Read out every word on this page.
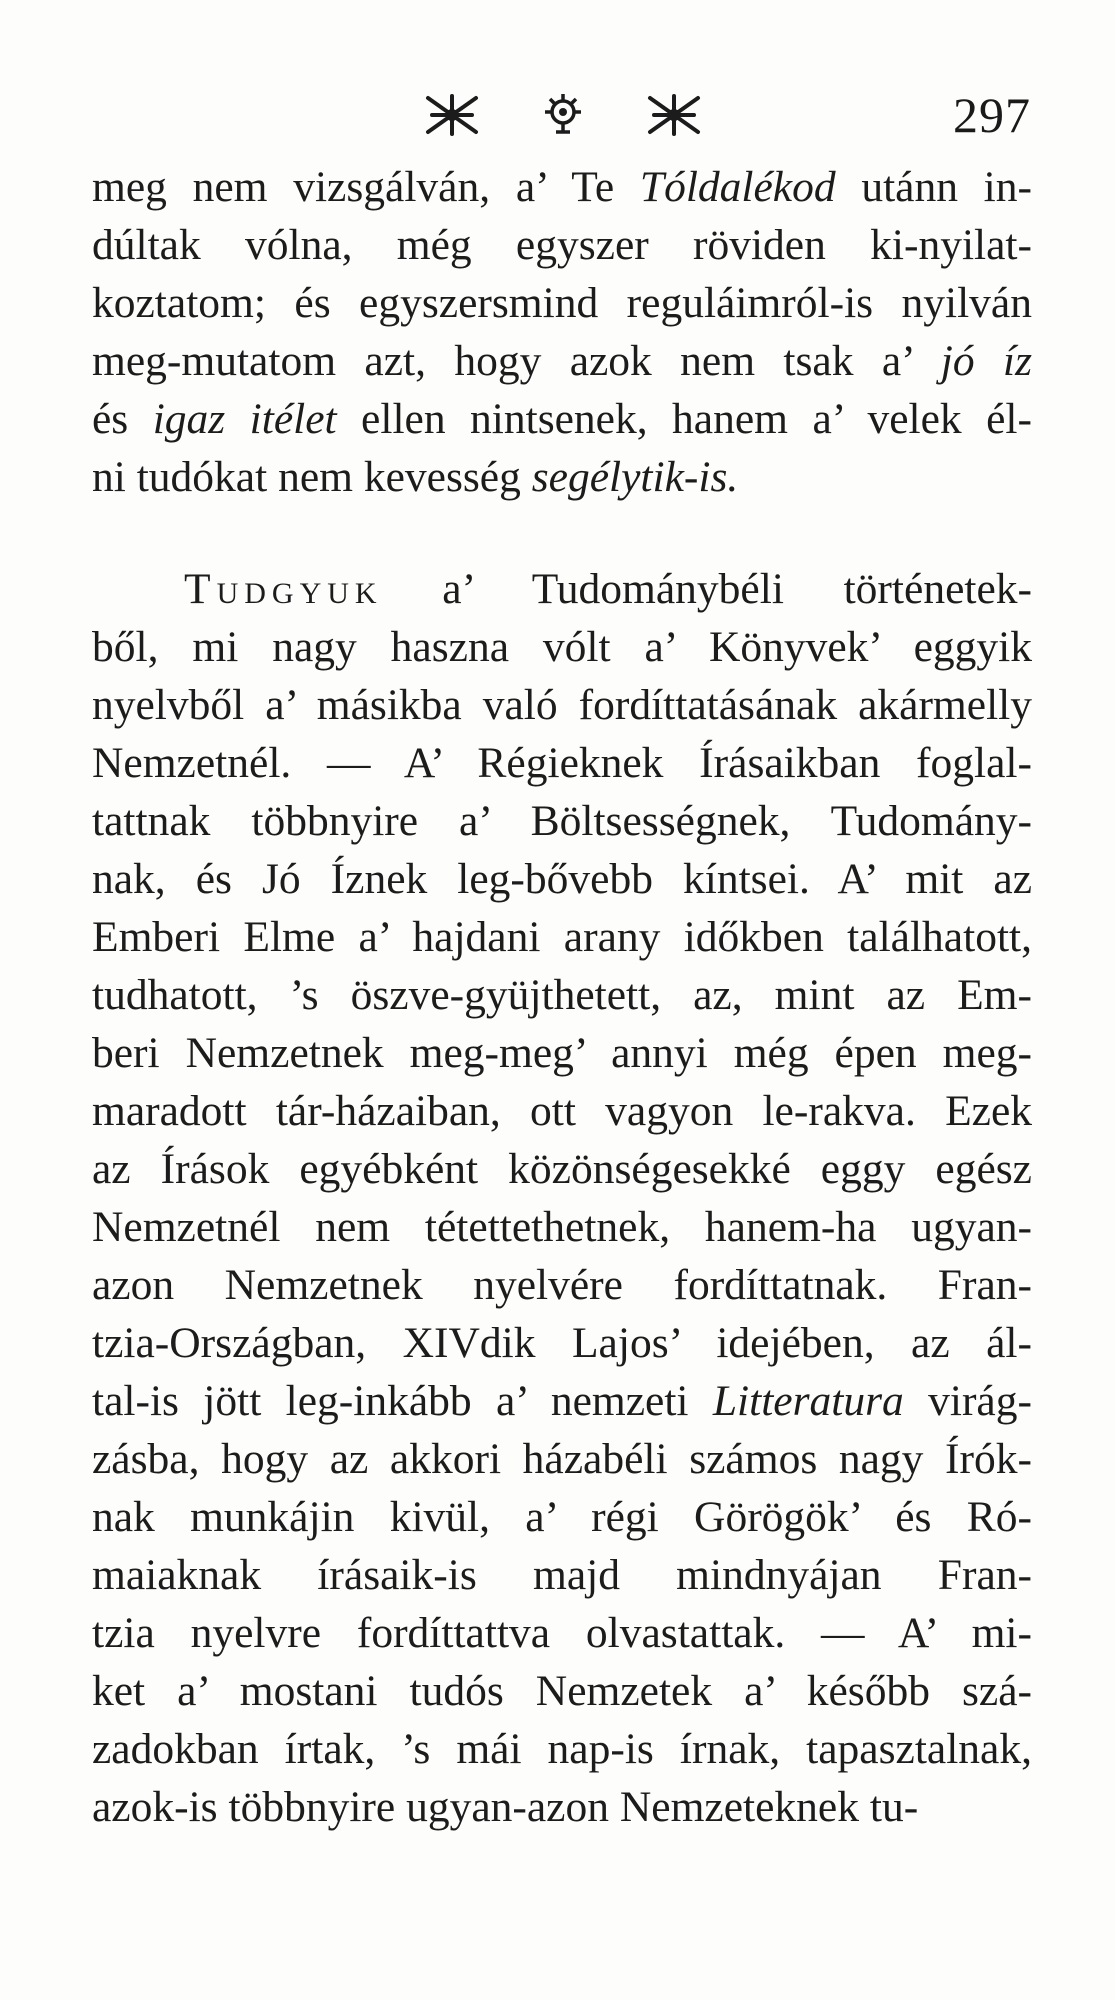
297
meg nem vizsgálván, a’ Te Tóldalékod utánn in-
dúltak vólna, még egyszer röviden ki-nyilat-
koztatom; és egyszersmind reguláimról-is nyilván
meg-mutatom azt, hogy azok nem tsak a’ jó íz
és igaz itélet ellen nintsenek, hanem a’ velek él-
ni tudókat nem kevesség segélytik-is.
Tudgyuk a’ Tudománybéli történetek-
ből, mi nagy haszna vólt a’ Könyvek’ eggyik
nyelvből a’ másikba való fordíttatásának akármelly
Nemzetnél. — A’ Régieknek Írásaikban foglal-
tattnak többnyire a’ Böltsességnek, Tudomány-
nak, és Jó Íznek leg-bővebb kíntsei. A’ mit az
Emberi Elme a’ hajdani arany időkben találhatott,
tudhatott, ’s öszve-gyüjthetett, az, mint az Em-
beri Nemzetnek meg-meg’ annyi még épen meg-
maradott tár-házaiban, ott vagyon le-rakva. Ezek
az Írások egyébként közönségesekké eggy egész
Nemzetnél nem tétettethetnek, hanem-ha ugyan-
azon Nemzetnek nyelvére fordíttatnak. Fran-
tzia-Országban, XIVdik Lajos’ idejében, az ál-
tal-is jött leg-inkább a’ nemzeti Litteratura virág-
zásba, hogy az akkori házabéli számos nagy Írók-
nak munkájin kivül, a’ régi Görögök’ és Ró-
maiaknak írásaik-is majd mindnyájan Fran-
tzia nyelvre fordíttattva olvastattak. — A’ mi-
ket a’ mostani tudós Nemzetek a’ később szá-
zadokban írtak, ’s mái nap-is írnak, tapasztalnak,
azok-is többnyire ugyan-azon Nemzeteknek tu-
